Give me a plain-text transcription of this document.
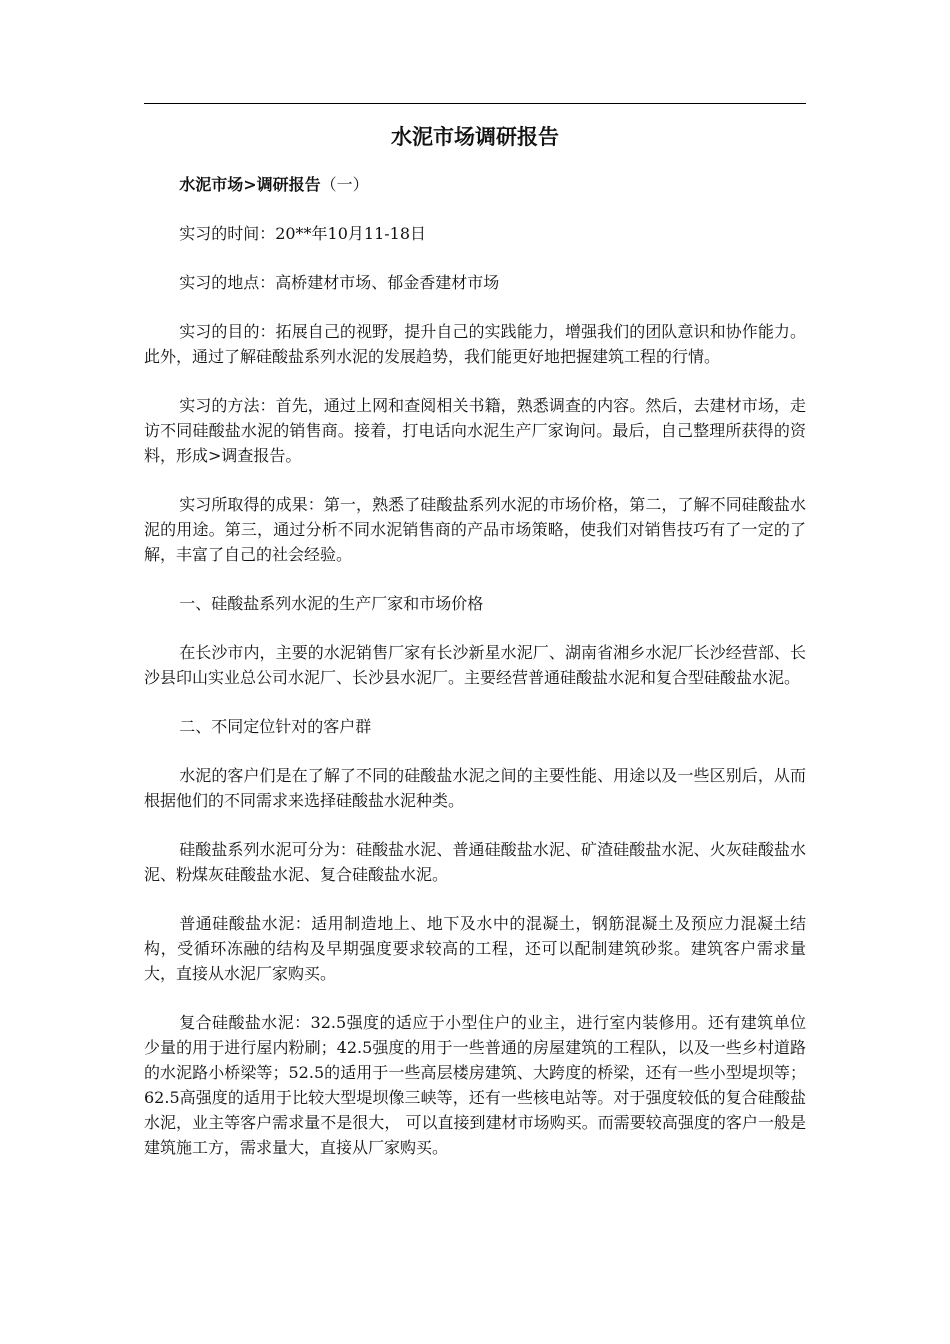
水泥市场调研报告

水泥市场>调研报告（一）

实习的时间：20**年10月11-18日

实习的地点：高桥建材市场、郁金香建材市场

实习的目的：拓展自己的视野，提升自己的实践能力，增强我们的团队意识和协作能力。此外，通过了解硅酸盐系列水泥的发展趋势，我们能更好地把握建筑工程的行情。

实习的方法：首先，通过上网和查阅相关书籍，熟悉调查的内容。然后，去建材市场，走访不同硅酸盐水泥的销售商。接着，打电话向水泥生产厂家询问。最后，自己整理所获得的资料，形成>调查报告。

实习所取得的成果：第一，熟悉了硅酸盐系列水泥的市场价格，第二，了解不同硅酸盐水泥的用途。第三，通过分析不同水泥销售商的产品市场策略，使我们对销售技巧有了一定的了解，丰富了自己的社会经验。

一、硅酸盐系列水泥的生产厂家和市场价格

在长沙市内，主要的水泥销售厂家有长沙新星水泥厂、湖南省湘乡水泥厂长沙经营部、长沙县印山实业总公司水泥厂、长沙县水泥厂。主要经营普通硅酸盐水泥和复合型硅酸盐水泥。

二、不同定位针对的客户群

水泥的客户们是在了解了不同的硅酸盐水泥之间的主要性能、用途以及一些区别后，从而根据他们的不同需求来选择硅酸盐水泥种类。

硅酸盐系列水泥可分为：硅酸盐水泥、普通硅酸盐水泥、矿渣硅酸盐水泥、火灰硅酸盐水泥、粉煤灰硅酸盐水泥、复合硅酸盐水泥。

普通硅酸盐水泥：适用制造地上、地下及水中的混凝土，钢筋混凝土及预应力混凝土结构，受循环冻融的结构及早期强度要求较高的工程，还可以配制建筑砂浆。建筑客户需求量大，直接从水泥厂家购买。

复合硅酸盐水泥：32.5强度的适应于小型住户的业主，进行室内装修用。还有建筑单位少量的用于进行屋内粉刷；42.5强度的用于一些普通的房屋建筑的工程队，以及一些乡村道路的水泥路小桥梁等；52.5的适用于一些高层楼房建筑、大跨度的桥梁，还有一些小型堤坝等；62.5高强度的适用于比较大型堤坝像三峡等，还有一些核电站等。对于强度较低的复合硅酸盐水泥，业主等客户需求量不是很大， 可以直接到建材市场购买。而需要较高强度的客户一般是建筑施工方，需求量大，直接从厂家购买。
